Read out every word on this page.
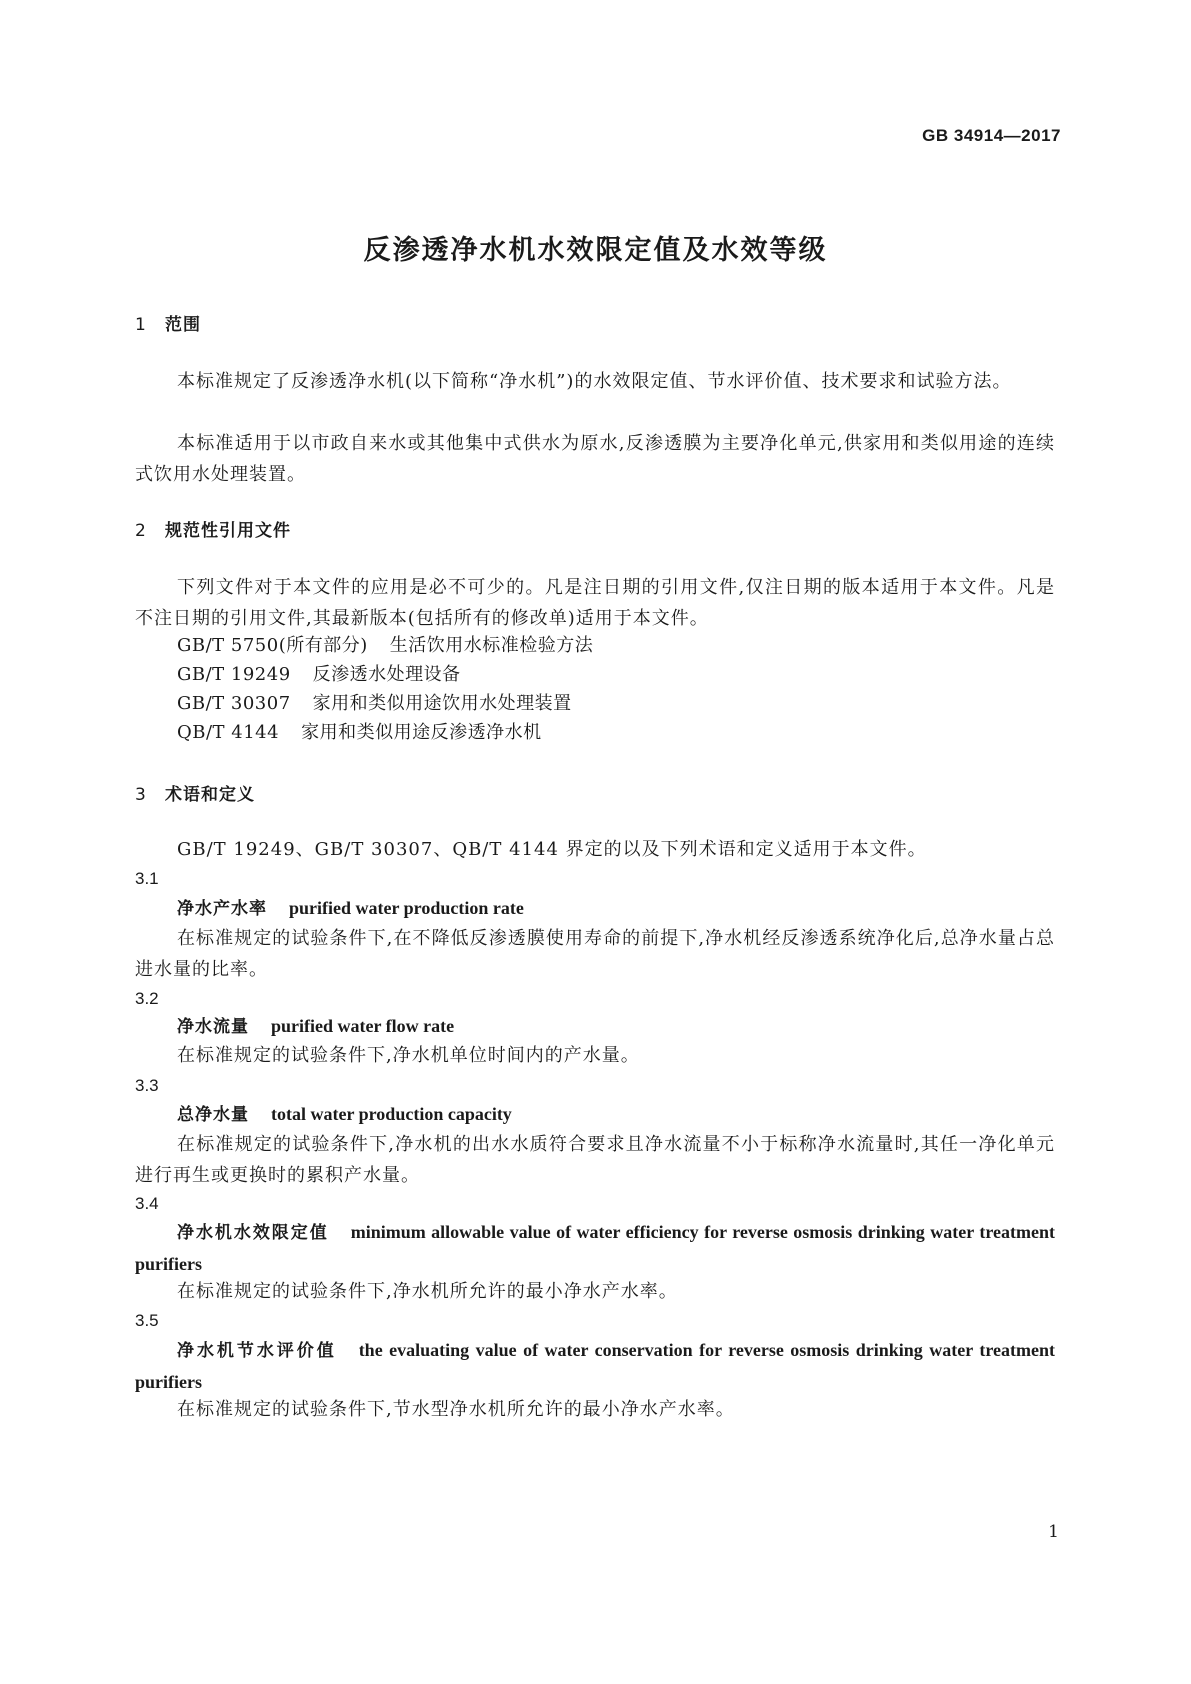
GB 34914—2017
反渗透净水机水效限定值及水效等级
1 范围
本标准规定了反渗透净水机(以下简称“净水机”)的水效限定值、节水评价值、技术要求和试验方法。
本标准适用于以市政自来水或其他集中式供水为原水,反渗透膜为主要净化单元,供家用和类似用途的连续式饮用水处理装置。
2 规范性引用文件
下列文件对于本文件的应用是必不可少的。凡是注日期的引用文件,仅注日期的版本适用于本文件。凡是不注日期的引用文件,其最新版本(包括所有的修改单)适用于本文件。
GB/T 5750(所有部分) 生活饮用水标准检验方法
GB/T 19249 反渗透水处理设备
GB/T 30307 家用和类似用途饮用水处理装置
QB/T 4144 家用和类似用途反渗透净水机
3 术语和定义
GB/T 19249、GB/T 30307、QB/T 4144 界定的以及下列术语和定义适用于本文件。
3.1
净水产水率 purified water production rate
在标准规定的试验条件下,在不降低反渗透膜使用寿命的前提下,净水机经反渗透系统净化后,总净水量占总进水量的比率。
3.2
净水流量 purified water flow rate
在标准规定的试验条件下,净水机单位时间内的产水量。
3.3
总净水量 total water production capacity
在标准规定的试验条件下,净水机的出水水质符合要求且净水流量不小于标称净水流量时,其任一净化单元进行再生或更换时的累积产水量。
3.4
净水机水效限定值 minimum allowable value of water efficiency for reverse osmosis drinking water treatment purifiers
在标准规定的试验条件下,净水机所允许的最小净水产水率。
3.5
净水机节水评价值 the evaluating value of water conservation for reverse osmosis drinking water treatment purifiers
在标准规定的试验条件下,节水型净水机所允许的最小净水产水率。
1
